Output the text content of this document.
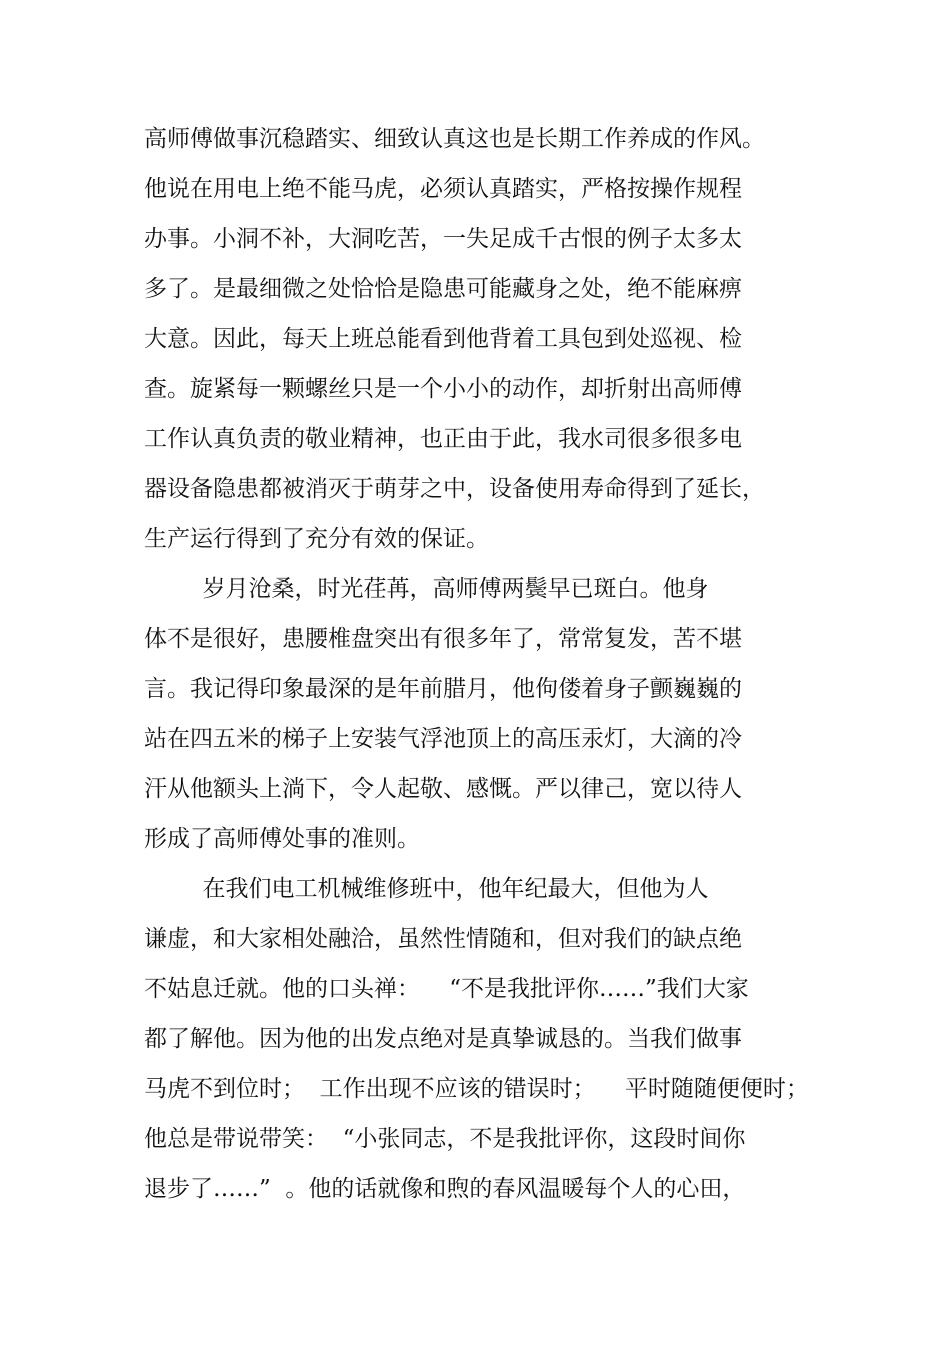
高师傅做事沉稳踏实、细致认真这也是长期工作养成的作风。
他说在用电上绝不能马虎，必须认真踏实，严格按操作规程
办事。小洞不补，大洞吃苦，一失足成千古恨的例子太多太
多了。是最细微之处恰恰是隐患可能藏身之处，绝不能麻痹
大意。因此，每天上班总能看到他背着工具包到处巡视、检
查。旋紧每一颗螺丝只是一个小小的动作，却折射出高师傅
工作认真负责的敬业精神，也正由于此，我水司很多很多电
器设备隐患都被消灭于萌芽之中，设备使用寿命得到了延长，
生产运行得到了充分有效的保证。
岁月沧桑，时光荏苒，高师傅两鬓早已斑白。他身
体不是很好，患腰椎盘突出有很多年了，常常复发，苦不堪
言。我记得印象最深的是年前腊月，他佝偻着身子颤巍巍的
站在四五米的梯子上安装气浮池顶上的高压汞灯，大滴的冷
汗从他额头上淌下，令人起敬、感慨。严以律己，宽以待人
形成了高师傅处事的准则。
在我们电工机械维修班中，他年纪最大，但他为人
谦虚，和大家相处融洽，虽然性情随和，但对我们的缺点绝
不姑息迁就。他的口头禅：    “不是我批评你……”我们大家
都了解他。因为他的出发点绝对是真挚诚恳的。当我们做事
马虎不到位时；  工作出现不应该的错误时；    平时随随便便时；
他总是带说带笑：  “小张同志，不是我批评你，这段时间你
退步了……”  。他的话就像和煦的春风温暖每个人的心田，
